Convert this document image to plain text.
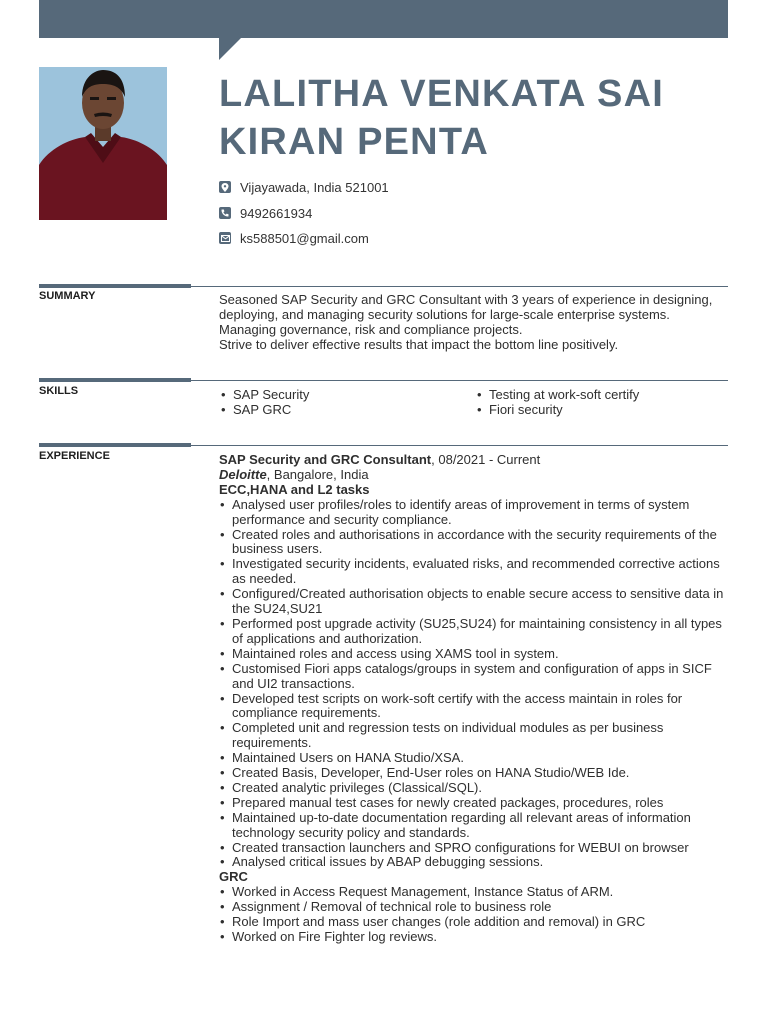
LALITHA VENKATA SAI
KIRAN PENTA
Vijayawada, India 521001
9492661934
ks588501@gmail.com
SUMMARY	Seasoned SAP Security and GRC Consultant with 3 years of experience in designing, deploying, and managing security solutions for large-scale enterprise systems. Managing governance, risk and compliance projects.

Strive to deliver effective results that impact the bottom line positively.

SKILLS
•	SAP Security
• SAP GRC
• Testing at work-soft certify
• Fiori security
EXPERIENCE	SAP Security and GRC Consultant, 08/2021 - Current

Deloitte, Bangalore, India

ECC,HANA and L2 tasks

• Analysed user profiles/roles to identify areas of improvement in terms of system performance and security compliance.
• Created roles and authorisations in accordance with the security requirements of the business users.
• Investigated security incidents, evaluated risks, and recommended corrective actions as needed.
• Configured/Created authorisation objects to enable secure access to sensitive data in the SU24,SU21
• Performed post upgrade activity (SU25,SU24) for maintaining consistency in all types of applications and authorization.
• Maintained roles and access using XAMS tool in system.
• Customised Fiori apps catalogs/groups in system and configuration of apps in SICF and UI2 transactions.
• Developed test scripts on work-soft certify with the access maintain in roles for compliance requirements.
• Completed unit and regression tests on individual modules as per business requirements.
• Maintained Users on HANA Studio/XSA.
• Created Basis, Developer, End-User roles on HANA Studio/WEB Ide.
• Created analytic privileges (Classical/SQL).
• Prepared manual test cases for newly created packages, procedures, roles
• Maintained up-to-date documentation regarding all relevant areas of information technology security policy and standards.
• Created transaction launchers and SPRO configurations for WEBUI on browser
• Analysed critical issues by ABAP debugging sessions.

GRC

• Worked in Access Request Management, Instance Status of ARM.
• Assignment / Removal of technical role to business role
• Role Import and mass user changes (role addition and removal) in GRC
• Worked on Fire Fighter log reviews.
